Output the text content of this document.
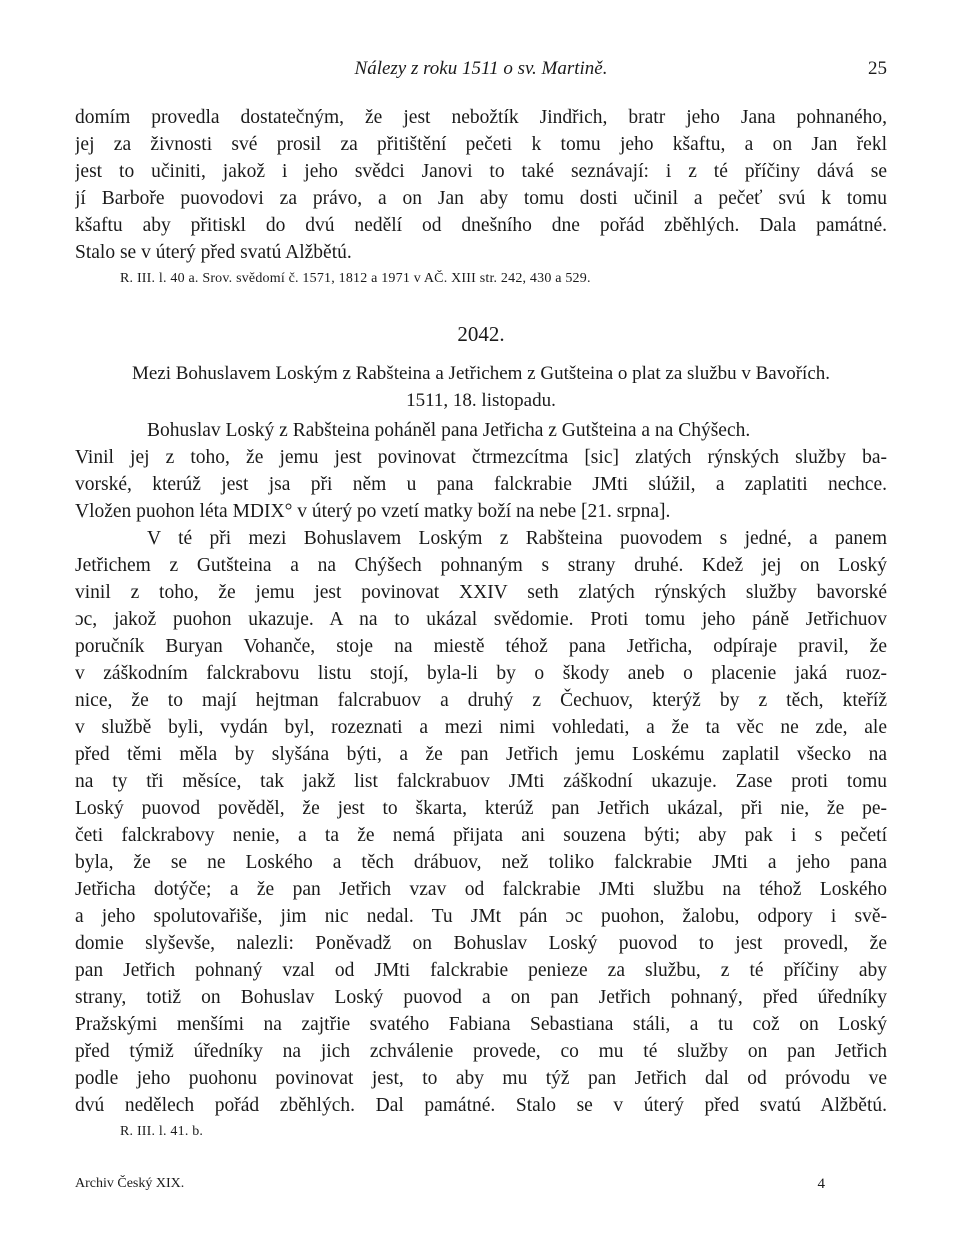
Nálezy z roku 1511 o sv. Martině.	25
domím provedla dostatečným, že jest nebožtík Jindřich, bratr jeho Jana pohnaného,
jej za živnosti své prosil za přitištění pečeti k tomu jeho kšaftu, a on Jan řekl
jest to učiniti, jakož i jeho svědci Janovi to také seznávají: i z té příčiny dává se
jí Barboře puovodovi za právo, a on Jan aby tomu dosti učinil a pečeť svú k tomu
kšaftu aby přitiskl do dvú nedělí od dnešního dne pořád zběhlých. Dala památné.
Stalo se v úterý před svatú Alžbětú.
R. III. l. 40 a. Srov. svědomí č. 1571, 1812 a 1971 v AČ. XIII str. 242, 430 a 529.
2042.
Mezi Bohuslavem Loským z Rabšteina a Jetřichem z Gutšteina o plat za službu v Bavořích.
1511, 18. listopadu.
Bohuslav Loský z Rabšteina poháněl pana Jetřicha z Gutšteina a na Chýšech.
Vinil jej z toho, že jemu jest povinovat čtrmezcítma [sic] zlatých rýnských služby ba-
vorské, kterúž jest jsa při něm u pana falckrabie JMti slúžil, a zaplatiti nechce.
Vložen puohon léta MDIX° v úterý po vzetí matky boží na nebe [21. srpna].
V té při mezi Bohuslavem Loským z Rabšteina puovodem s jedné, a panem
Jetřichem z Gutšteina a na Chýšech pohnaným s strany druhé. Kdež jej on Loský
vinil z toho, že jemu jest povinovat XXIV seth zlatých rýnských služby bavorské
ɔc, jakož puohon ukazuje. A na to ukázal svědomie. Proti tomu jeho páně Jetřichuov
poručník Buryan Vohanče, stoje na miestě téhož pana Jetřicha, odpíraje pravil, že
v záškodním falckrabovu listu stojí, byla-li by o škody aneb o placenie jaká ruoz-
nice, že to mají hejtman falcrabuov a druhý z Čechuov, kterýž by z těch, kteříž
v službě byli, vydán byl, rozeznati a mezi nimi vohledati, a že ta věc ne zde, ale
před těmi měla by slyšána býti, a že pan Jetřich jemu Loskému zaplatil všecko na
na ty tři měsíce, tak jakž list falckrabuov JMti záškodní ukazuje. Zase proti tomu
Loský puovod pověděl, že jest to škarta, kterúž pan Jetřich ukázal, při nie, že pe-
četi falckrabovy nenie, a ta že nemá přijata ani souzena býti; aby pak i s pečetí
byla, že se ne Loského a těch drábuov, než toliko falckrabie JMti a jeho pana
Jetřicha dotýče; a že pan Jetřich vzav od falckrabie JMti službu na téhož Loského
a jeho spolutovařiše, jim nic nedal. Tu JMt pán ɔc puohon, žalobu, odpory i svě-
domie slyševše, nalezli: Poněvadž on Bohuslav Loský puovod to jest provedl, že
pan Jetřich pohnaný vzal od JMti falckrabie penieze za službu, z té příčiny aby
strany, totiž on Bohuslav Loský puovod a on pan Jetřich pohnaný, před úředníky
Pražskými menšími na zajtřie svatého Fabiana Sebastiana stáli, a tu což on Loský
před týmiž úředníky na jich zchválenie provede, co mu té služby on pan Jetřich
podle jeho puohonu povinovat jest, to aby mu týž pan Jetřich dal od próvodu ve
dvú nedělech pořád zběhlých. Dal památné. Stalo se v úterý před svatú Alžbětú.
R. III. l. 41. b.
Archiv Český XIX.	4
